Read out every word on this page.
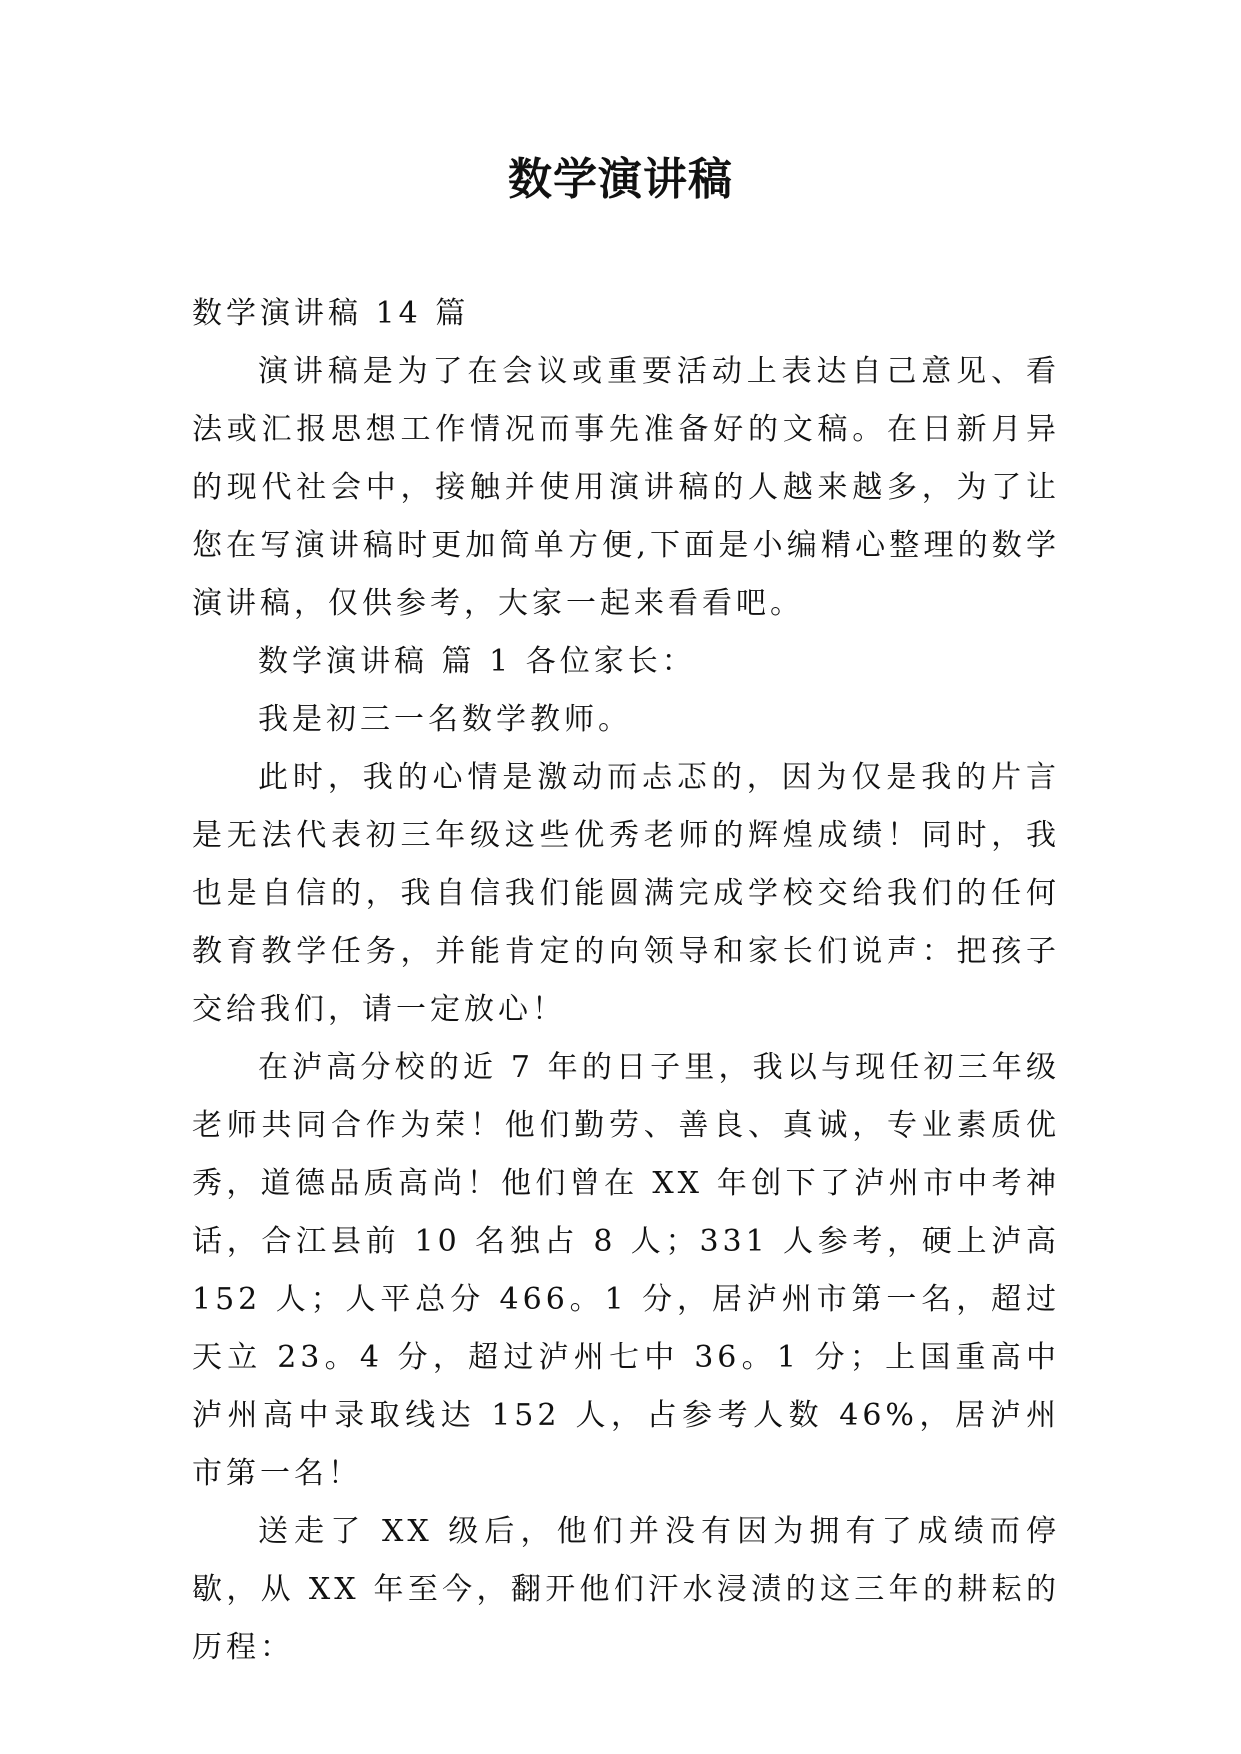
数学演讲稿

数学演讲稿 14 篇

演讲稿是为了在会议或重要活动上表达自己意见、看法或汇报思想工作情况而事先准备好的文稿。在日新月异的现代社会中，接触并使用演讲稿的人越来越多，为了让您在写演讲稿时更加简单方便,下面是小编精心整理的数学演讲稿，仅供参考，大家一起来看看吧。

数学演讲稿 篇 1 各位家长：

我是初三一名数学教师。

此时，我的心情是激动而忐忑的，因为仅是我的片言是无法代表初三年级这些优秀老师的辉煌成绩！同时，我也是自信的，我自信我们能圆满完成学校交给我们的任何教育教学任务，并能肯定的向领导和家长们说声：把孩子交给我们，请一定放心！

在泸高分校的近 7 年的日子里，我以与现任初三年级老师共同合作为荣！他们勤劳、善良、真诚，专业素质优秀，道德品质高尚！他们曾在 XX 年创下了泸州市中考神话，合江县前 10 名独占 8 人；331 人参考，硬上泸高 152 人；人平总分 466。1 分，居泸州市第一名，超过天立 23。4 分，超过泸州七中 36。1 分；上国重高中泸州高中录取线达 152 人，占参考人数 46%，居泸州市第一名！

送走了 XX 级后，他们并没有因为拥有了成绩而停歇，从 XX 年至今，翻开他们汗水浸渍的这三年的耕耘的历程：
